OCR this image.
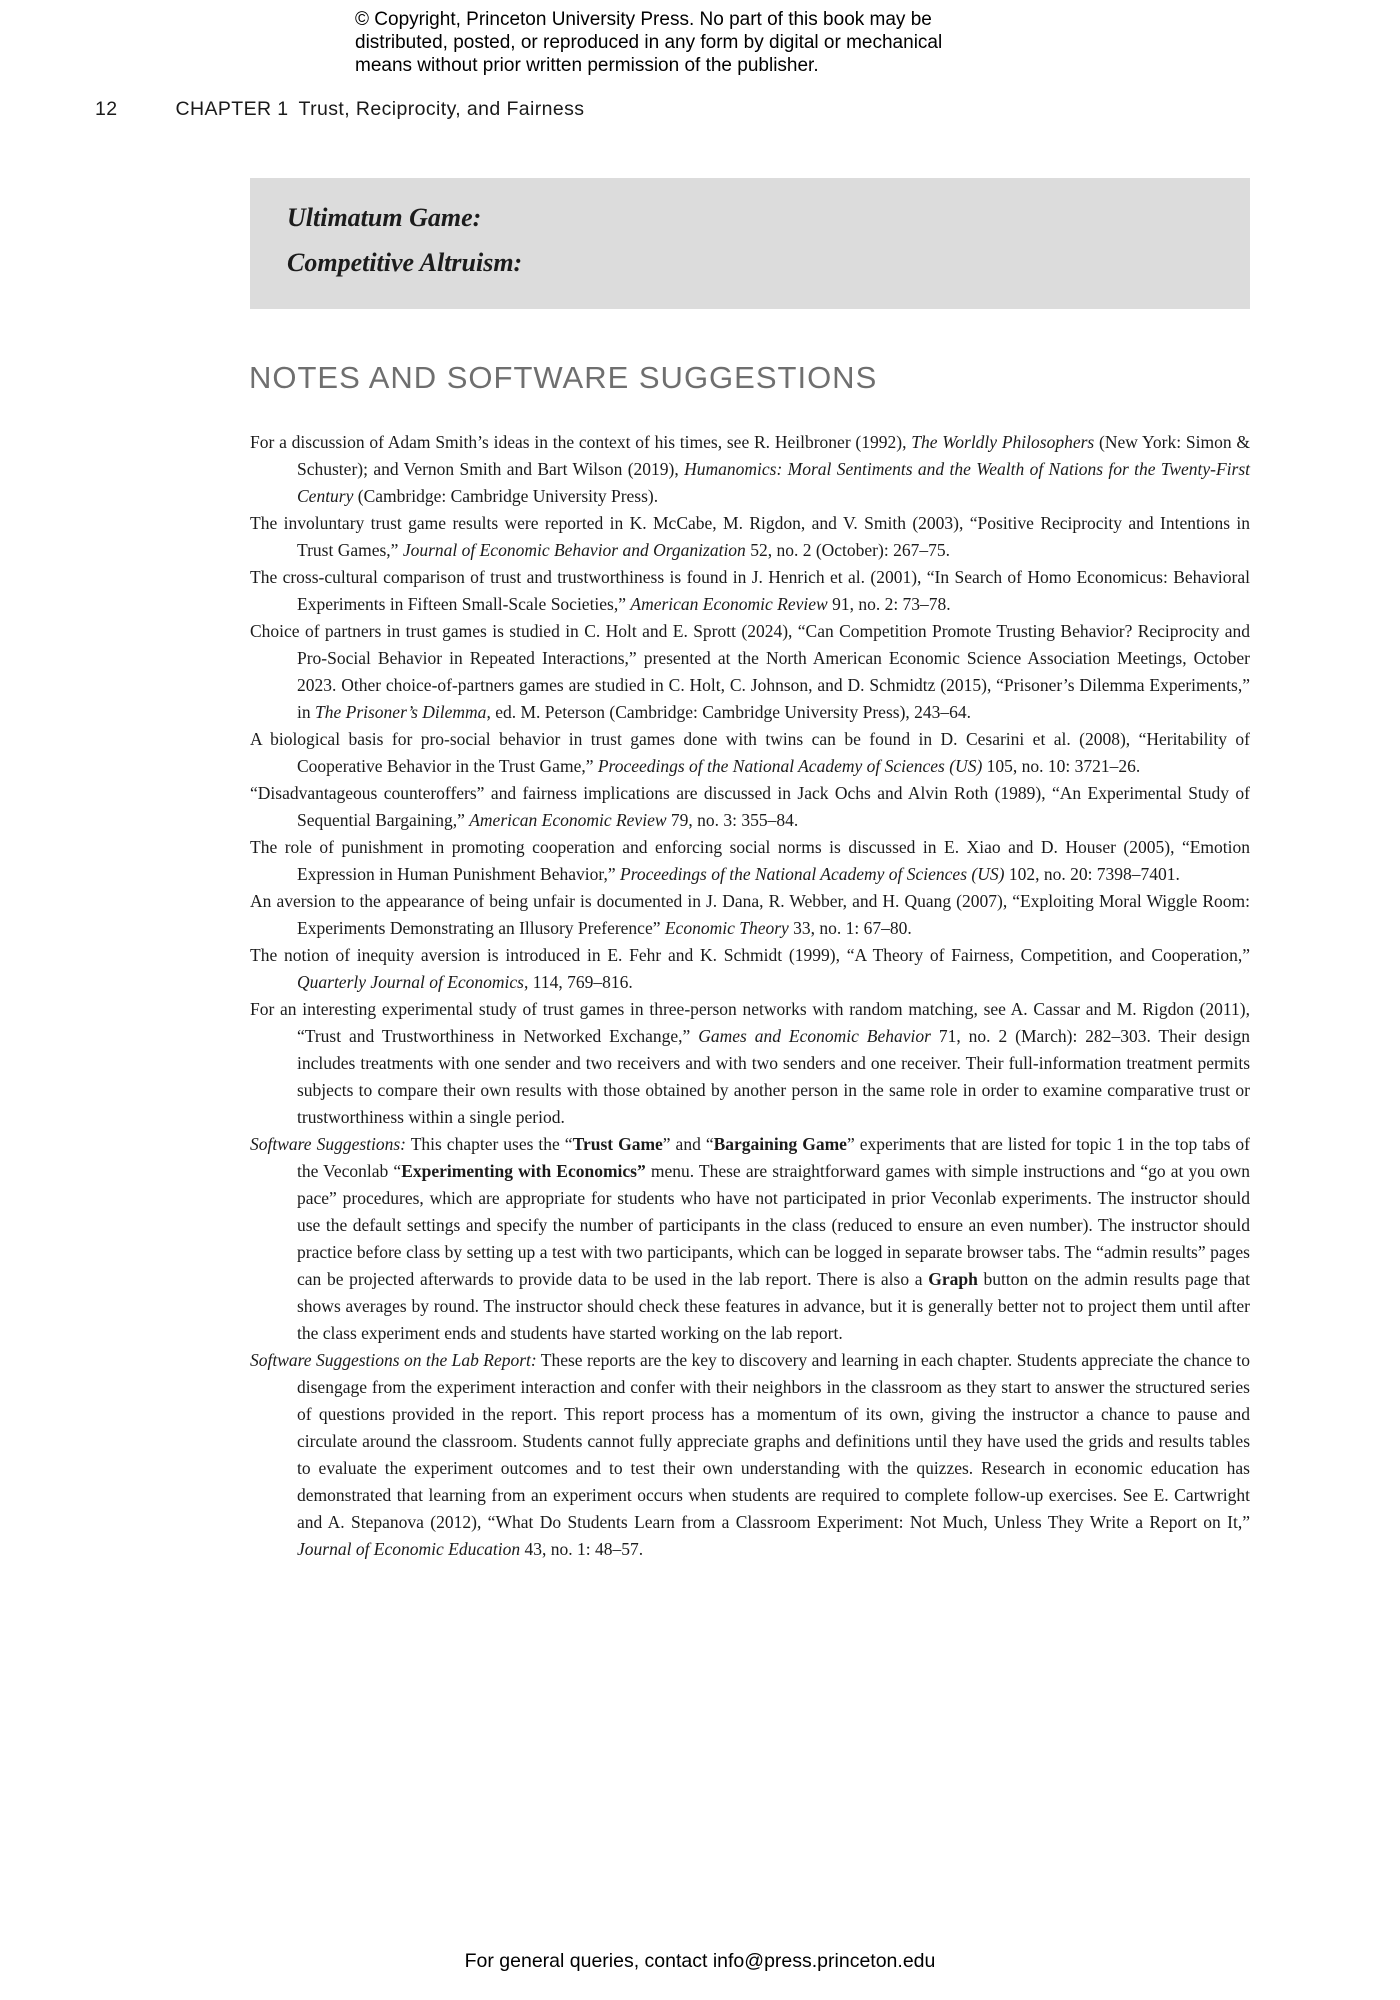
© Copyright, Princeton University Press. No part of this book may be
distributed, posted, or reproduced in any form by digital or mechanical
means without prior written permission of the publisher.
12	CHAPTER 1 Trust, Reciprocity, and Fairness
Ultimatum Game:
Competitive Altruism:
NOTES AND SOFTWARE SUGGESTIONS

For a discussion of Adam Smith’s ideas in the context of his times, see R. Heilbroner (1992), The Worldly Philosophers (New York: Simon & Schuster); and Vernon Smith and Bart Wilson (2019), Humanomics: Moral Sentiments and the Wealth of Nations for the Twenty-First Century (Cambridge: Cambridge University Press).

The involuntary trust game results were reported in K. McCabe, M. Rigdon, and V. Smith (2003), “Positive Reciprocity and Intentions in Trust Games,” Journal of Economic Behavior and Organization 52, no. 2 (October): 267–75.

The cross-cultural comparison of trust and trustworthiness is found in J. Henrich et al. (2001), “In Search of Homo Economicus: Behavioral Experiments in Fifteen Small-Scale Societies,” American Economic Review 91, no. 2: 73–78.

Choice of partners in trust games is studied in C. Holt and E. Sprott (2024), “Can Competition Promote Trusting Behavior? Reciprocity and Pro-Social Behavior in Repeated Interactions,” presented at the North American Economic Science Association Meetings, October 2023. Other choice-of-partners games are studied in C. Holt, C. Johnson, and D. Schmidtz (2015), “Prisoner’s Dilemma Experiments,” in The Prisoner’s Dilemma, ed. M. Peterson (Cambridge: Cambridge University Press), 243–64.

A biological basis for pro-social behavior in trust games done with twins can be found in D. Cesarini et al. (2008), “Heritability of Cooperative Behavior in the Trust Game,” Proceedings of the National Academy of Sciences (US) 105, no. 10: 3721–26.

“Disadvantageous counteroffers” and fairness implications are discussed in Jack Ochs and Alvin Roth (1989), “An Experimental Study of Sequential Bargaining,” American Economic Review 79, no. 3: 355–84.

The role of punishment in promoting cooperation and enforcing social norms is discussed in E. Xiao and D. Houser (2005), “Emotion Expression in Human Punishment Behavior,” Proceedings of the National Academy of Sciences (US) 102, no. 20: 7398–7401.

An aversion to the appearance of being unfair is documented in J. Dana, R. Webber, and H. Quang (2007), “Exploiting Moral Wiggle Room: Experiments Demonstrating an Illusory Preference” Economic Theory 33, no. 1: 67–80.

The notion of inequity aversion is introduced in E. Fehr and K. Schmidt (1999), “A Theory of Fairness, Competition, and Cooperation,” Quarterly Journal of Economics, 114, 769–816.

For an interesting experimental study of trust games in three-person networks with random matching, see A. Cassar and M. Rigdon (2011), “Trust and Trustworthiness in Networked Exchange,” Games and Economic Behavior 71, no. 2 (March): 282–303. Their design includes treatments with one sender and two receivers and with two senders and one receiver. Their full-information treatment permits subjects to compare their own results with those obtained by another person in the same role in order to examine comparative trust or trustworthiness within a single period.

Software Suggestions: This chapter uses the “Trust Game” and “Bargaining Game” experiments that are listed for topic 1 in the top tabs of the Veconlab “Experimenting with Economics” menu. These are straightforward games with simple instructions and “go at you own pace” procedures, which are appropriate for students who have not participated in prior Veconlab experiments. The instructor should use the default settings and specify the number of participants in the class (reduced to ensure an even number). The instructor should practice before class by setting up a test with two participants, which can be logged in separate browser tabs. The “admin results” pages can be projected afterwards to provide data to be used in the lab report. There is also a Graph button on the admin results page that shows averages by round. The instructor should check these features in advance, but it is generally better not to project them until after the class experiment ends and students have started working on the lab report.

Software Suggestions on the Lab Report: These reports are the key to discovery and learning in each chapter. Students appreciate the chance to disengage from the experiment interaction and confer with their neighbors in the classroom as they start to answer the structured series of questions provided in the report. This report process has a momentum of its own, giving the instructor a chance to pause and circulate around the classroom. Students cannot fully appreciate graphs and definitions until they have used the grids and results tables to evaluate the experiment outcomes and to test their own understanding with the quizzes. Research in economic education has demonstrated that learning from an experiment occurs when students are required to complete follow-up exercises. See E. Cartwright and A. Stepanova (2012), “What Do Students Learn from a Classroom Experiment: Not Much, Unless They Write a Report on It,” Journal of Economic Education 43, no. 1: 48–57.

For general queries, contact info@press.princeton.edu
